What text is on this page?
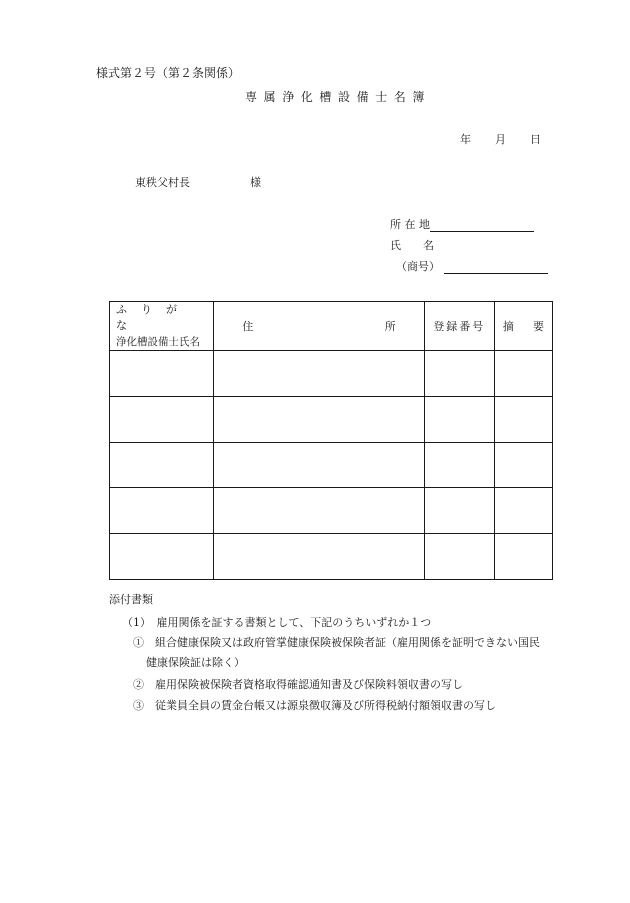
様式第２号（第２条関係）
専属浄化槽設備士名簿
年 月 日
東秩父村長	様
所 在 地
氏　　名
（商号）
ふりがな
浄化槽設備士氏名	住 所	登録番号	摘 要

添付書類
（1）　雇用関係を証する書類として、下記のうちいずれか１つ
①　組合健康保険又は政府管掌健康保険被保険者証（雇用関係を証明できない国民
健康保険証は除く）
②　雇用保険被保険者資格取得確認通知書及び保険料領収書の写し
③　従業員全員の賃金台帳又は源泉徴収簿及び所得税納付額領収書の写し
